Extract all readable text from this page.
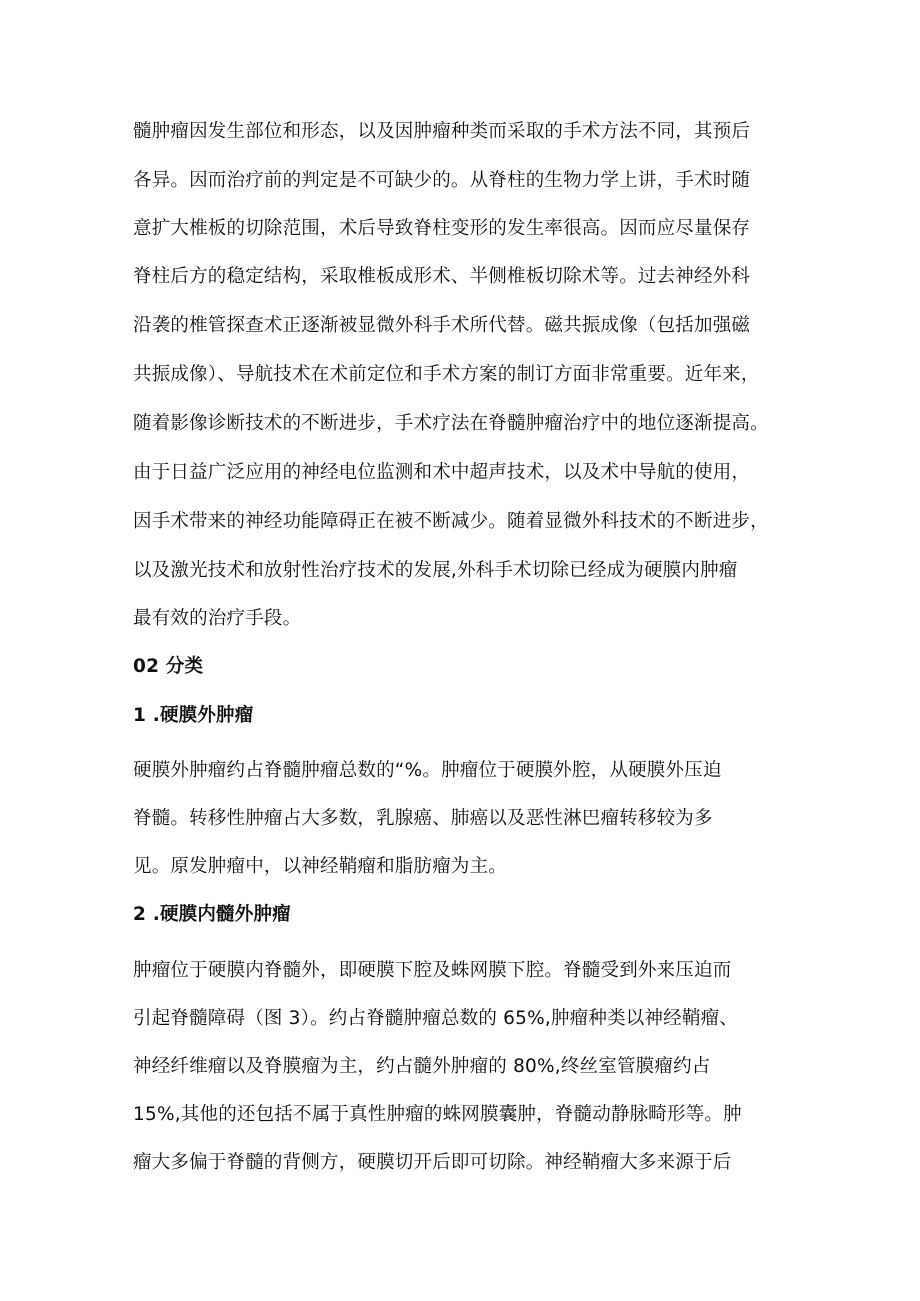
髓肿瘤因发生部位和形态，以及因肿瘤种类而采取的手术方法不同，其预后
各异。因而治疗前的判定是不可缺少的。从脊柱的生物力学上讲，手术时随
意扩大椎板的切除范围，术后导致脊柱变形的发生率很高。因而应尽量保存
脊柱后方的稳定结构，采取椎板成形术、半侧椎板切除术等。过去神经外科
沿袭的椎管探查术正逐渐被显微外科手术所代替。磁共振成像（包括加强磁
共振成像）、导航技术在术前定位和手术方案的制订方面非常重要。近年来，
随着影像诊断技术的不断进步，手术疗法在脊髓肿瘤治疗中的地位逐渐提高。
由于日益广泛应用的神经电位监测和术中超声技术，以及术中导航的使用，
因手术带来的神经功能障碍正在被不断减少。随着显微外科技术的不断进步，
以及激光技术和放射性治疗技术的发展,外科手术切除已经成为硬膜内肿瘤
最有效的治疗手段。
02 分类
1 .硬膜外肿瘤
硬膜外肿瘤约占脊髓肿瘤总数的“%。肿瘤位于硬膜外腔，从硬膜外压迫
脊髓。转移性肿瘤占大多数，乳腺癌、肺癌以及恶性淋巴瘤转移较为多
见。原发肿瘤中，以神经鞘瘤和脂肪瘤为主。
2 .硬膜内髓外肿瘤
肿瘤位于硬膜内脊髓外，即硬膜下腔及蛛网膜下腔。脊髓受到外来压迫而
引起脊髓障碍（图 3）。约占脊髓肿瘤总数的 65%,肿瘤种类以神经鞘瘤、
神经纤维瘤以及脊膜瘤为主，约占髓外肿瘤的 80%,终丝室管膜瘤约占
15%,其他的还包括不属于真性肿瘤的蛛网膜囊肿，脊髓动静脉畸形等。肿
瘤大多偏于脊髓的背侧方，硬膜切开后即可切除。神经鞘瘤大多来源于后
